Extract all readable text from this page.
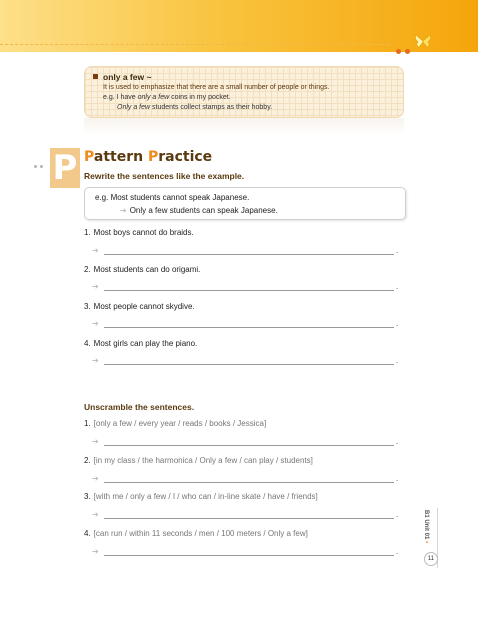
only a few ~
It is used to emphasize that there are a small number of people or things.
e.g. I have only a few coins in my pocket.
Only a few students collect stamps as their hobby.
P Pattern Practice
Rewrite the sentences like the example.
e.g. Most students cannot speak Japanese.
➔ Only a few students can speak Japanese.
1. Most boys cannot do braids.
➔	.
2. Most students can do origami.
➔	.
3. Most people cannot skydive.
➔	.
4. Most girls can play the piano.
➔	.
Unscramble the sentences.
1. [only a few / every year / reads / books / Jessica]
➔	.
2. [in my class / the harmonica / Only a few / can play / students]
➔	.
3. [with me / only a few / I / who can / in-line skate / have / friends]
➔	.
4. [can run / within 11 seconds / men / 100 meters / Only a few]
➔	.
B1 Unit 01 •
11
